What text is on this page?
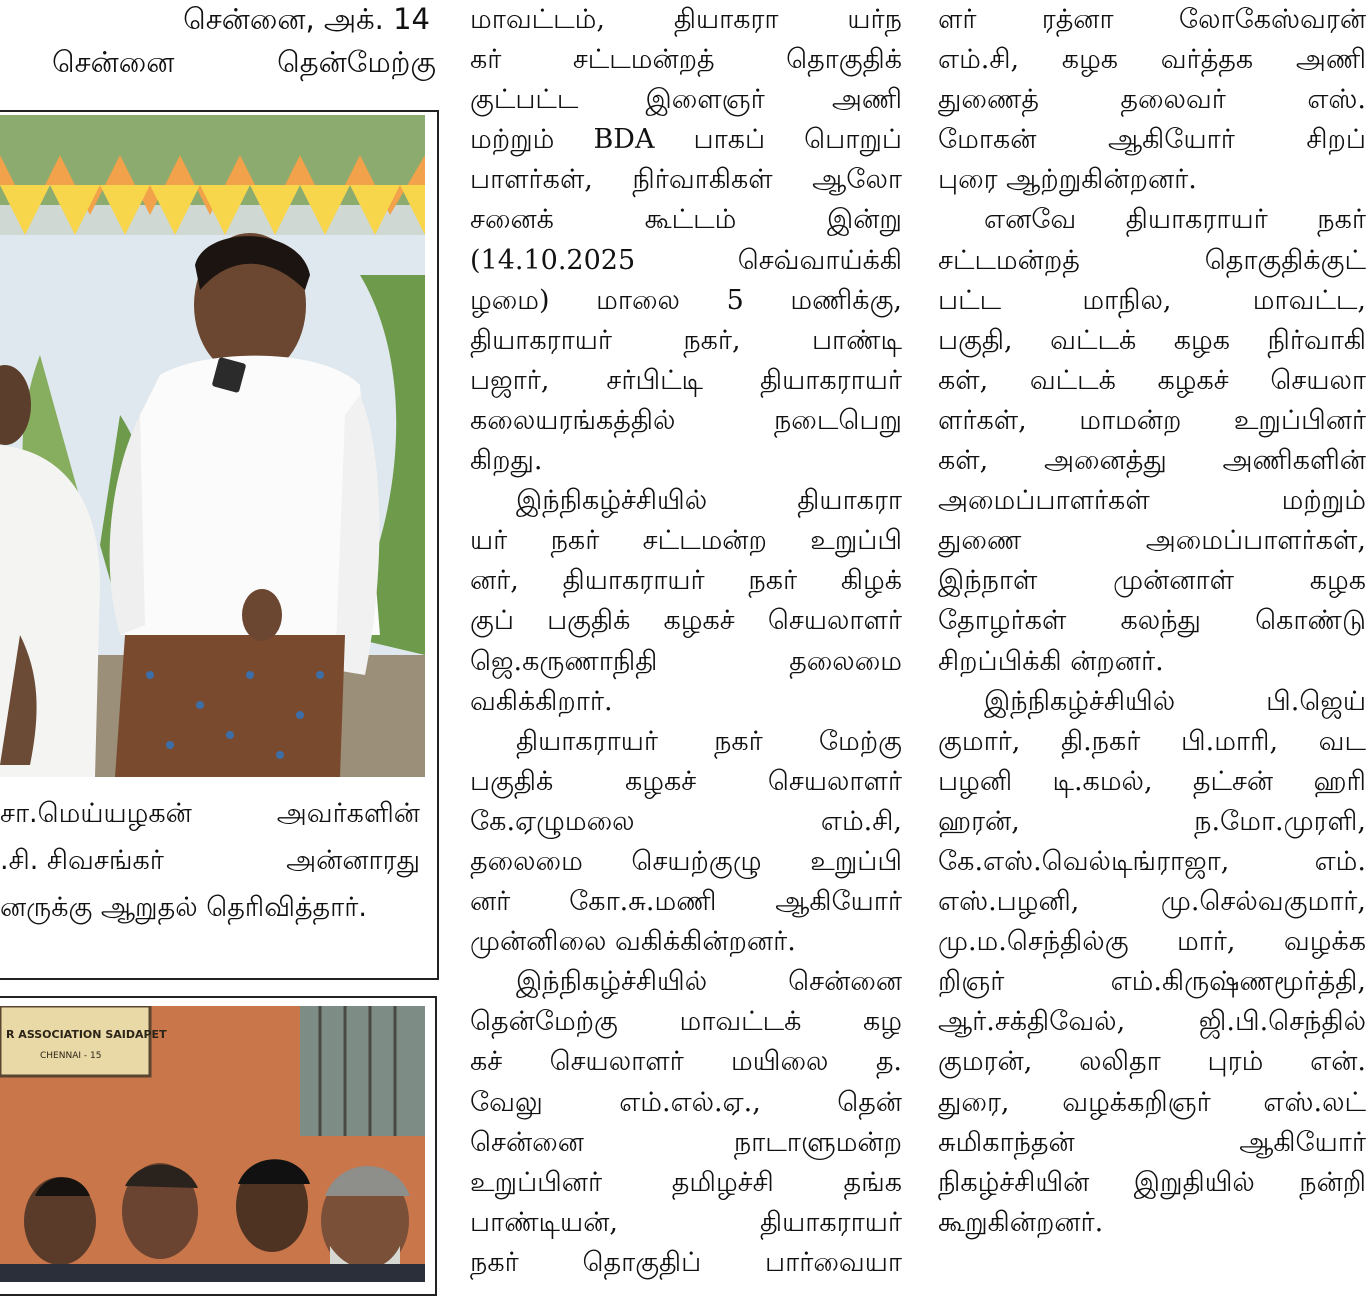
சென்னை, அக். 14
சென்னை	தென்மேற்கு
சா.மெய்யழகன்	அவர்களின்
.சி. சிவசங்கர்	அன்னாரது
னருக்கு ஆறுதல் தெரிவித்தார்.
R ASSOCIATION SAIDAPET
CHENNAI - 15
மாவட்டம், தியாகரா யர்ந
கர் சட்டமன்றத் தொகுதிக்
குட்பட்ட இளைஞர் அணி
மற்றும் BDA பாகப் பொறுப்
பாளர்கள், நிர்வாகிகள் ஆலோ
சனைக் கூட்டம் இன்று
(14.10.2025 செவ்வாய்க்கி
ழமை) மாலை 5 மணிக்கு,
தியாகராயர் நகர், பாண்டி
பஜார், சர்பிட்டி தியாகராயர்
கலையரங்கத்தில் நடைபெறு
கிறது.
இந்நிகழ்ச்சியில் தியாகரா
யர் நகர் சட்டமன்ற உறுப்பி
னர், தியாகராயர் நகர் கிழக்
குப் பகுதிக் கழகச் செயலாளர்
ஜெ.கருணாநிதி தலைமை
வகிக்கிறார்.
தியாகராயர் நகர் மேற்கு
பகுதிக் கழகச் செயலாளர்
கே.ஏழுமலை எம்.சி,
தலைமை செயற்குழு உறுப்பி
னர் கோ.சு.மணி ஆகியோர்
முன்னிலை வகிக்கின்றனர்.
இந்நிகழ்ச்சியில் சென்னை
தென்மேற்கு மாவட்டக் கழ
கச் செயலாளர் மயிலை த.
வேலு எம்.எல்.ஏ., தென்
சென்னை நாடாளுமன்ற
உறுப்பினர் தமிழச்சி தங்க
பாண்டியன், தியாகராயர்
நகர் தொகுதிப் பார்வையா
ளர் ரத்னா லோகேஸ்வரன்
எம்.சி, கழக வர்த்தக அணி
துணைத் தலைவர் எஸ்.
மோகன் ஆகியோர் சிறப்
புரை ஆற்றுகின்றனர்.
எனவே தியாகராயர் நகர்
சட்டமன்றத் தொகுதிக்குட்
பட்ட மாநில, மாவட்ட,
பகுதி, வட்டக் கழக நிர்வாகி
கள், வட்டக் கழகச் செயலா
ளர்கள், மாமன்ற உறுப்பினர்
கள், அனைத்து அணிகளின்
அமைப்பாளர்கள் மற்றும்
துணை அமைப்பாளர்கள்,
இந்நாள் முன்னாள் கழக
தோழர்கள் கலந்து கொண்டு
சிறப்பிக்கி ன்றனர்.
இந்நிகழ்ச்சியில் பி.ஜெய்
குமார், தி.நகர் பி.மாரி, வட
பழனி டி.கமல், தட்சன் ஹரி
ஹரன், ந.மோ.முரளி,
கே.எஸ்.வெல்டிங்ராஜா, எம்.
எஸ்.பழனி, மு.செல்வகுமார்,
மு.ம.செந்தில்கு மார், வழக்க
றிஞர் எம்.கிருஷ்ணமூர்த்தி,
ஆர்.சக்திவேல், ஜி.பி.செந்தில்
குமரன், லலிதா புரம் என்.
துரை, வழக்கறிஞர் எஸ்.லட்
சுமிகாந்தன் ஆகியோர்
நிகழ்ச்சியின் இறுதியில் நன்றி
கூறுகின்றனர்.
